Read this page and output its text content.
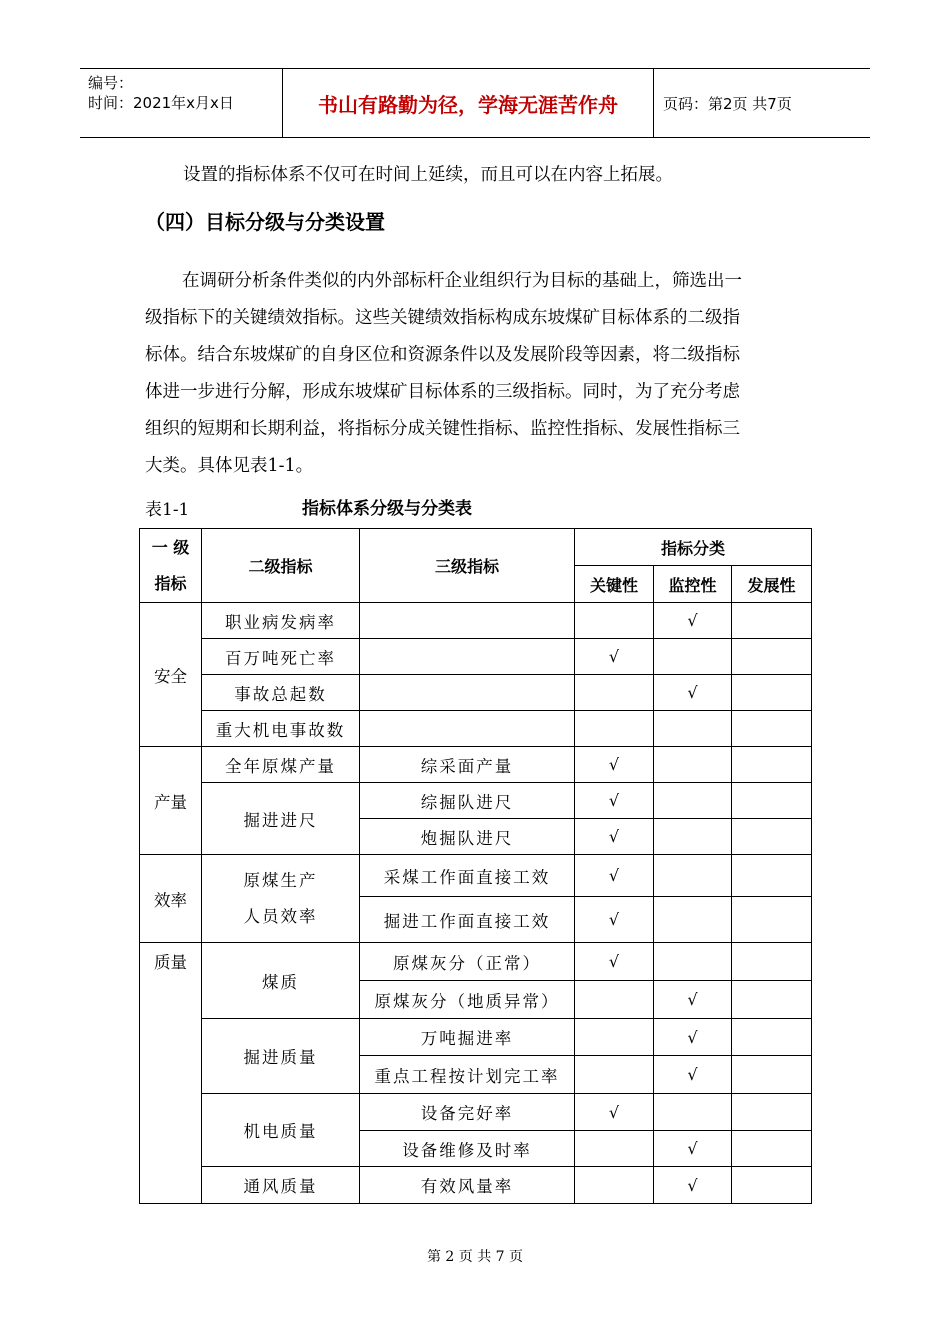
编号：
时间：2021年x月x日	书山有路勤为径，学海无涯苦作舟	页码：第2页 共7页
设置的指标体系不仅可在时间上延续，而且可以在内容上拓展。
（四）目标分级与分类设置
在调研分析条件类似的内外部标杆企业组织行为目标的基础上，筛选出一
级指标下的关键绩效指标。这些关键绩效指标构成东坡煤矿目标体系的二级指
标体。结合东坡煤矿的自身区位和资源条件以及发展阶段等因素，将二级指标
体进一步进行分解，形成东坡煤矿目标体系的三级指标。同时，为了充分考虑
组织的短期和长期利益，将指标分成关键性指标、监控性指标、发展性指标三
大类。具体见表1-1。
表1-1	指标体系分级与分类表
一 级
指标	二级指标	三级指标	指标分类		
			关键性	监控性	发展性
安全	职业病发病率			√	
	百万吨死亡率		√		
	事故总起数			√	
	重大机电事故数				
产量	全年原煤产量	综采面产量	√		
	掘进进尺	综掘队进尺	√		
		炮掘队进尺	√		
效率	原煤生产
人员效率	采煤工作面直接工效	√		
		掘进工作面直接工效	√		
质量	煤质	原煤灰分（正常）	√		
		原煤灰分（地质异常）		√	
	掘进质量	万吨掘进率		√	
		重点工程按计划完工率		√	
	机电质量	设备完好率	√		
		设备维修及时率		√	
	通风质量	有效风量率		√	
第 2 页 共 7 页
